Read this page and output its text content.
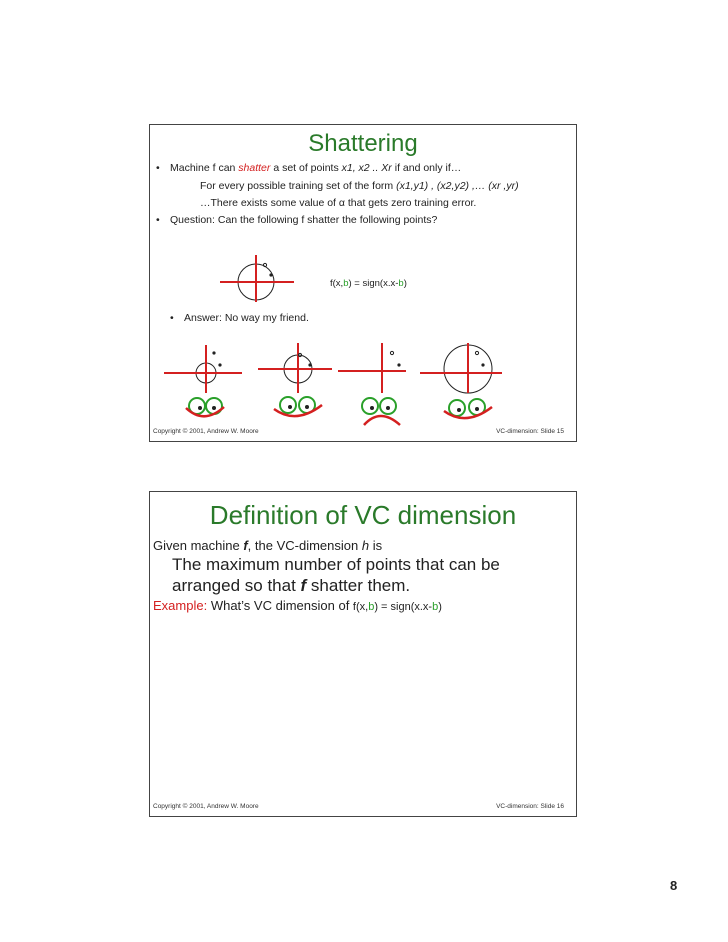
Shattering
• Machine f can shatter a set of points x1, x2 .. Xr if and only if…
For every possible training set of the form (x1,y1) , (x2,y2) ,… (xr ,yr)
…There exists some value of α that gets zero training error.
• Question: Can the following f shatter the following points?
f(x,b) = sign(x.x-b)
• Answer: No way my friend.
Copyright © 2001, Andrew W. Moore	VC-dimension: Slide 15
Definition of VC dimension
Given machine f, the VC-dimension h is
The maximum number of points that can be
arranged so that f shatter them.
Example: What’s VC dimension of f(x,b) = sign(x.x-b)
Copyright © 2001, Andrew W. Moore	VC-dimension: Slide 16
8
